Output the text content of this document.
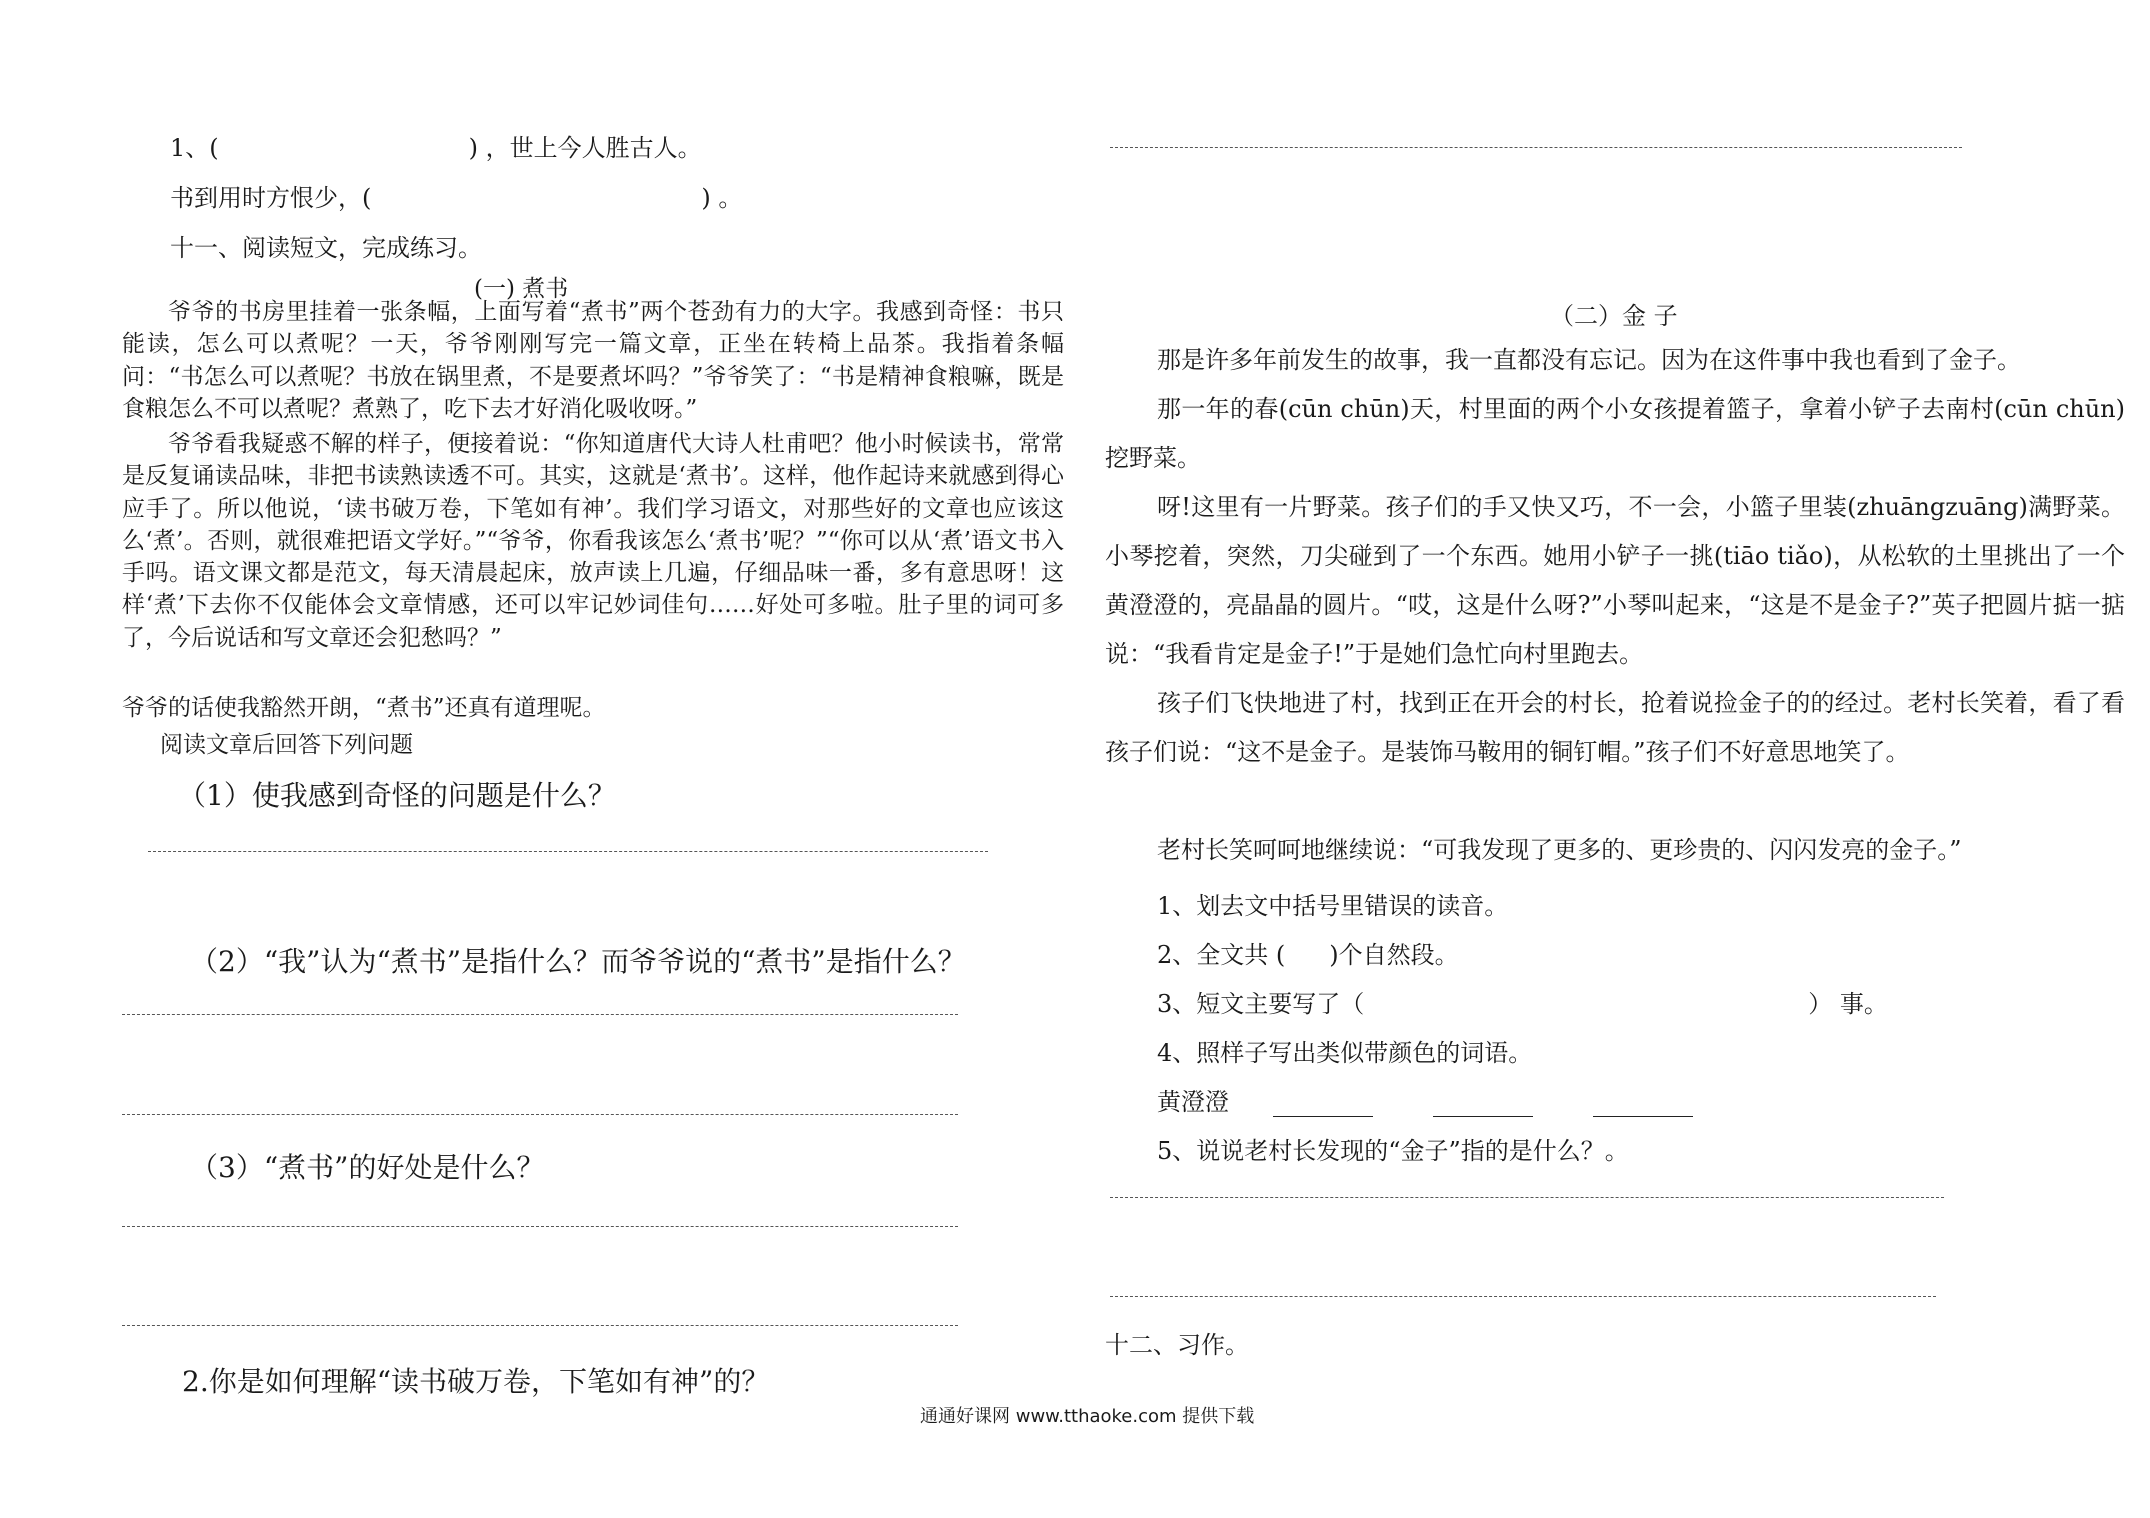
1、(	) ，世上今人胜古人。
书到用时方恨少，(	) 。
十一、阅读短文，完成练习。
(一) 煮书
爷爷的书房里挂着一张条幅，上面写着“煮书”两个苍劲有力的大字。我感到奇怪：书只能读，怎么可以煮呢？一天，爷爷刚刚写完一篇文章，正坐在转椅上品茶。我指着条幅问：“书怎么可以煮呢？书放在锅里煮，不是要煮坏吗？”爷爷笑了：“书是精神食粮嘛，既是食粮怎么不可以煮呢？煮熟了，吃下去才好消化吸收呀。”
爷爷看我疑惑不解的样子，便接着说：“你知道唐代大诗人杜甫吧？他小时候读书，常常是反复诵读品味，非把书读熟读透不可。其实，这就是‘煮书’。这样，他作起诗来就感到得心应手了。所以他说，‘读书破万卷，下笔如有神’。我们学习语文，对那些好的文章也应该这么‘煮’。否则，就很难把语文学好。”“爷爷，你看我该怎么‘煮书’呢？”“你可以从‘煮’语文书入手吗。语文课文都是范文，每天清晨起床，放声读上几遍，仔细品味一番，多有意思呀！这样‘煮’下去你不仅能体会文章情感，还可以牢记妙词佳句……好处可多啦。肚子里的词可多了，今后说话和写文章还会犯愁吗？”
爷爷的话使我豁然开朗，“煮书”还真有道理呢。
阅读文章后回答下列问题
（1）使我感到奇怪的问题是什么？
（2）“我”认为“煮书”是指什么？而爷爷说的“煮书”是指什么？
（3）“煮书”的好处是什么？
2.你是如何理解“读书破万卷，下笔如有神”的？
（二）金 子
那是许多年前发生的故事，我一直都没有忘记。因为在这件事中我也看到了金子。
那一年的春(cūn chūn)天，村里面的两个小女孩提着篮子，拿着小铲子去南村(cūn chūn)挖野菜。
呀!这里有一片野菜。孩子们的手又快又巧，不一会，小篮子里装(zhuāngzuāng)满野菜。小琴挖着，突然，刀尖碰到了一个东西。她用小铲子一挑(tiāo tiǎo)，从松软的土里挑出了一个黄澄澄的，亮晶晶的圆片。“哎，这是什么呀?”小琴叫起来，“这是不是金子?”英子把圆片掂一掂说：“我看肯定是金子!”于是她们急忙向村里跑去。
孩子们飞快地进了村，找到正在开会的村长，抢着说捡金子的的经过。老村长笑着，看了看孩子们说：“这不是金子。是装饰马鞍用的铜钉帽。”孩子们不好意思地笑了。
老村长笑呵呵地继续说：“可我发现了更多的、更珍贵的、闪闪发亮的金子。”
1、划去文中括号里错误的读音。
2、全文共 ( )个自然段。
3、短文主要写了（	） 事。
4、照样子写出类似带颜色的词语。
黄澄澄
5、说说老村长发现的“金子”指的是什么？。
十二、习作。
通通好课网 www.tthaoke.com 提供下载
